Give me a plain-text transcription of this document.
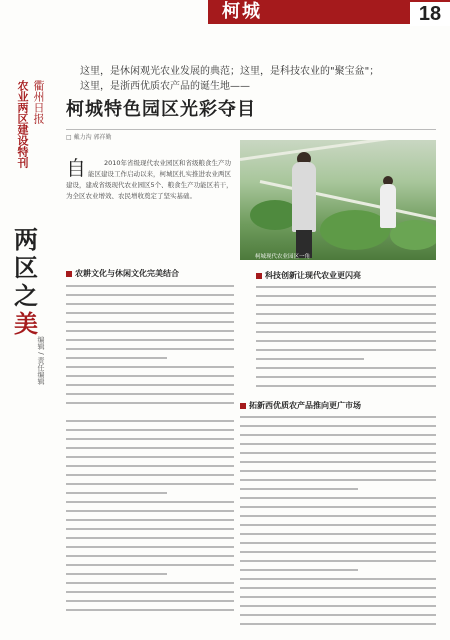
柯城	18
农业两区建设特刊 衢州日报
两
区
之
美
编辑 / 责任编辑
这里，是休闲观光农业发展的典范；这里，是科技农业的"聚宝盆"；
这里，是浙西优质农产品的诞生地——
柯城特色园区光彩夺目
□ 戴力沟 郭祥勤
自	2010年省级现代农业园区和省级粮食生产功能区建设工作启动以来，柯城区扎实推进农业两区建设，建成省级现代农业园区5个、粮食生产功能区若干，为全区农业增效、农民增收奠定了坚实基础。
柯城现代农业园区一角
农耕文化与休闲文化完美结合	科技创新让现代农业更闪亮
拓新西优质农产品推向更广市场
